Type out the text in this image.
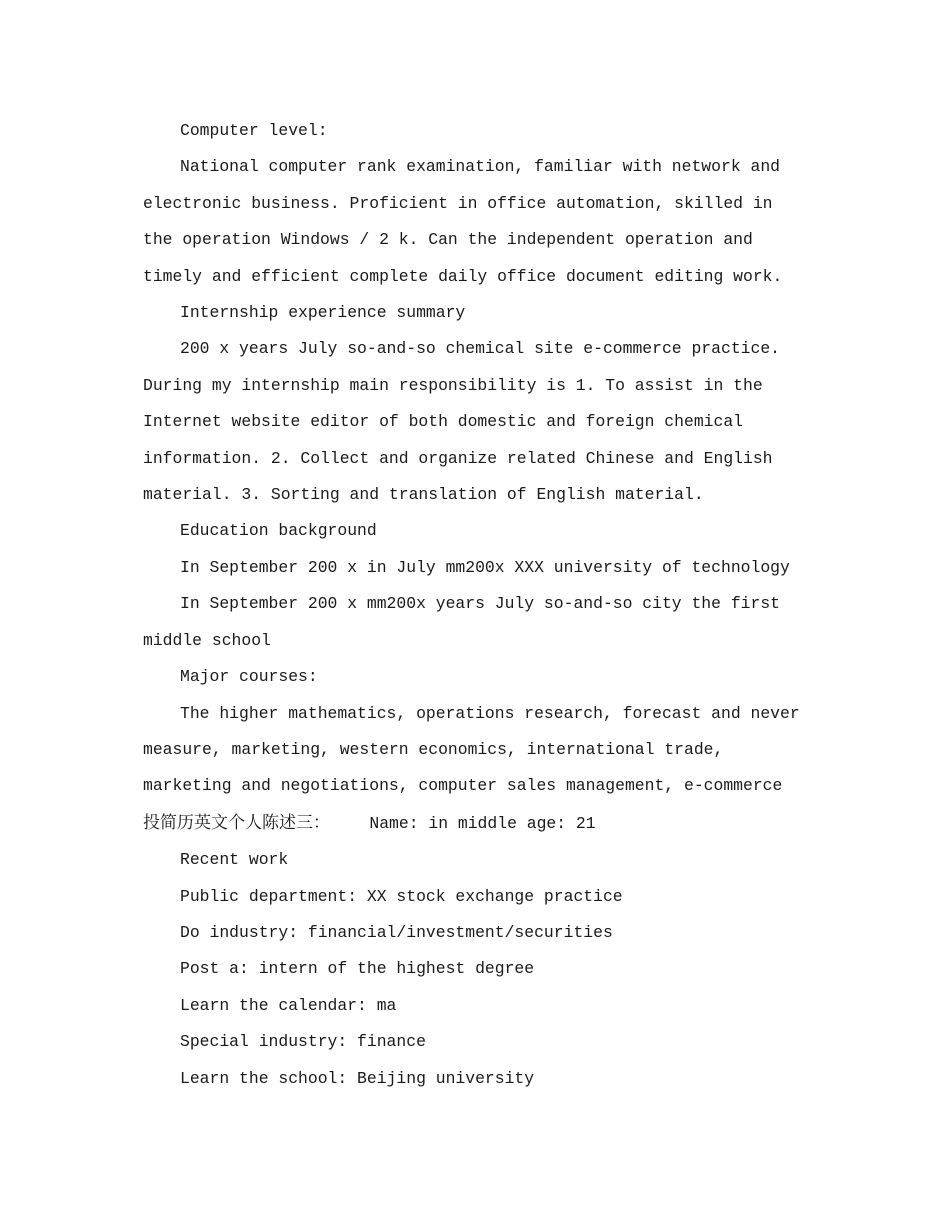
Computer level:

National computer rank examination, familiar with network and electronic business. Proficient in office automation, skilled in the operation Windows / 2 k. Can the independent operation and timely and efficient complete daily office document editing work.

Internship experience summary

200 x years July so-and-so chemical site e-commerce practice. During my internship main responsibility is 1. To assist in the Internet website editor of both domestic and foreign chemical information. 2. Collect and organize related Chinese and English material. 3. Sorting and translation of English material.

Education background

In September 200 x in July mm200x XXX university of technology

In September 200 x mm200x years July so-and-so city the first middle school

Major courses:

The higher mathematics, operations research, forecast and never measure, marketing, western economics, international trade, marketing and negotiations, computer sales management, e-commerce

投简历英文个人陈述三： Name: in middle age: 21

Recent work

Public department: XX stock exchange practice

Do industry: financial/investment/securities

Post a: intern of the highest degree

Learn the calendar: ma

Special industry: finance

Learn the school: Beijing university
